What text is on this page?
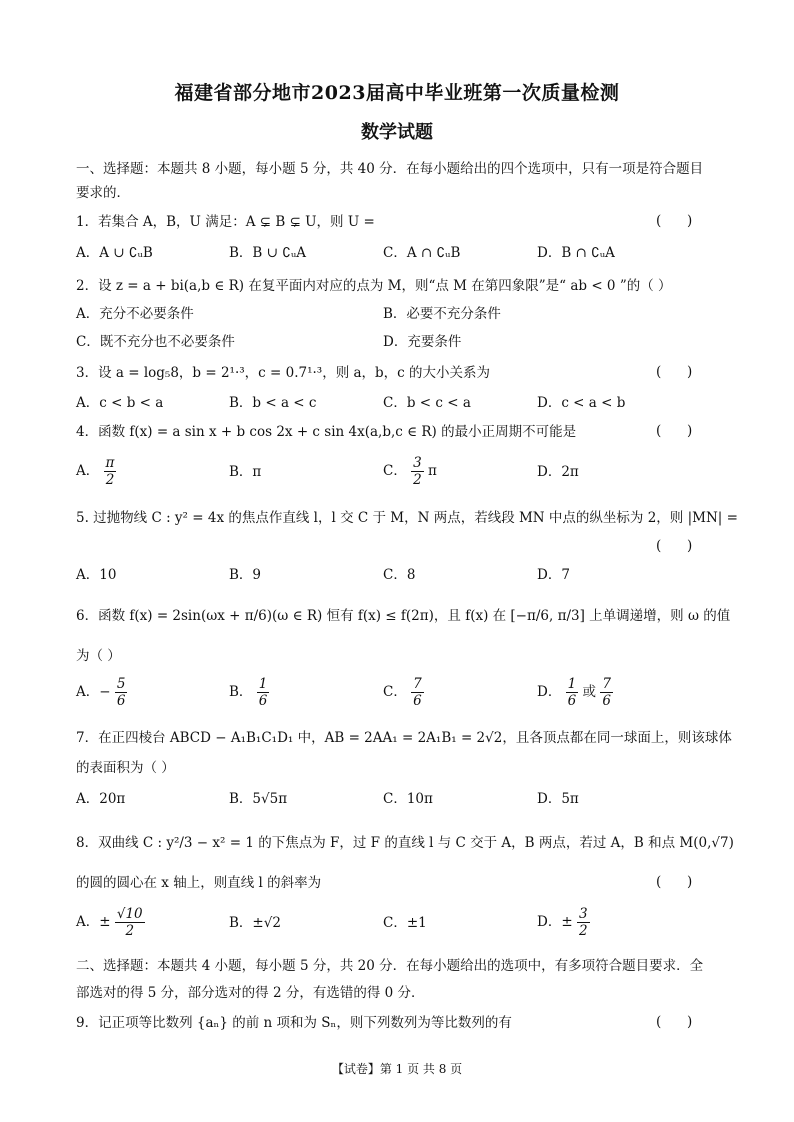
福建省部分地市2023届高中毕业班第一次质量检测
数学试题
一、选择题：本题共 8 小题，每小题 5 分，共 40 分．在每小题给出的四个选项中，只有一项是符合题目
要求的．
1．若集合 A，B，U 满足：A ⊊ B ⊊ U，则 U =	(      )
A．A ∪ ∁ᵤB	B．B ∪ ∁ᵤA	C．A ∩ ∁ᵤB	D．B ∩ ∁ᵤA
2．设 z = a + bi(a,b ∈ R) 在复平面内对应的点为 M，则“点 M 在第四象限”是“ ab < 0 ”的（ ）
A．充分不必要条件	B．必要不充分条件
C．既不充分也不必要条件	D．充要条件
3．设 a = log₅8，b = 2¹·³，c = 0.7¹·³，则 a，b，c 的大小关系为	(      )
A．c < b < a	B．b < a < c	C．b < c < a	D．c < a < b
4．函数 f(x) = a sin x + b cos 2x + c sin 4x(a,b,c ∈ R) 的最小正周期不可能是	(      )
A． $\frac{\pi}{2}$	B．π	C． $\frac{3}{2}$ π	D．2π
5. 过抛物线 C : y² = 4x 的焦点作直线 l，l 交 C 于 M，N 两点，若线段 MN 中点的纵坐标为 2，则 |MN| =
(      )
A．10	B．9	C．8	D．7
6．函数 f(x) = 2sin(ωx + π/6)(ω ∈ R) 恒有 f(x) ≤ f(2π)，且 f(x) 在 [−π/6, π/3] 上单调递增，则 ω 的值
为（ ）
A．− $\frac{5}{6}$	B． $\frac{1}{6}$	C． $\frac{7}{6}$	D． $\frac{1}{6}$ 或 $\frac{7}{6}$
7．在正四棱台 ABCD − A₁B₁C₁D₁ 中，AB = 2AA₁ = 2A₁B₁ = 2√2，且各顶点都在同一球面上，则该球体
的表面积为（ ）
A．20π	B．5√5π	C．10π	D．5π
8．双曲线 C : y²/3 − x² = 1 的下焦点为 F，过 F 的直线 l 与 C 交于 A，B 两点，若过 A，B 和点 M(0,√7)
的圆的圆心在 x 轴上，则直线 l 的斜率为	(      )
A．± $\frac{√10}{2}$	B．±√2	C．±1	D．± $\frac{3}{2}$
二、选择题：本题共 4 小题，每小题 5 分，共 20 分．在每小题给出的选项中，有多项符合题目要求．全
部选对的得 5 分，部分选对的得 2 分，有选错的得 0 分．
9．记正项等比数列 {aₙ} 的前 n 项和为 Sₙ，则下列数列为等比数列的有	(      )
【试卷】第 1 页 共 8 页
